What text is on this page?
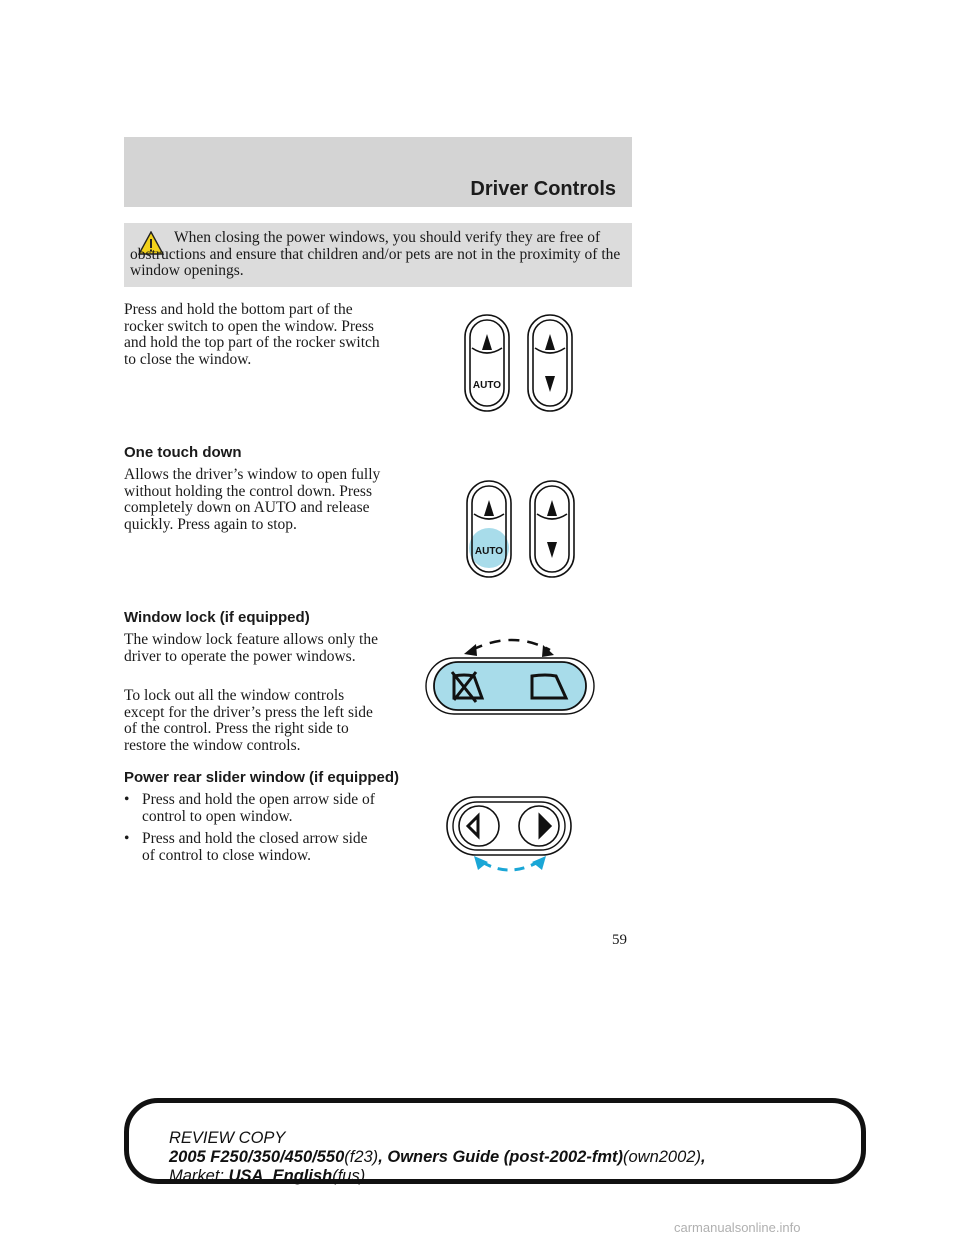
Driver Controls
When closing the power windows, you should verify they are free of obstructions and ensure that children and/or pets are not in the proximity of the window openings.

Press and hold the bottom part of the rocker switch to open the window. Press and hold the top part of the rocker switch to close the window.

AUTO

One touch down

Allows the driver’s window to open fully without holding the control down. Press completely down on AUTO and release quickly. Press again to stop.

AUTO

Window lock (if equipped)

The window lock feature allows only the driver to operate the power windows.

To lock out all the window controls except for the driver’s press the left side of the control. Press the right side to restore the window controls.

Power rear slider window (if equipped)

• Press and hold the open arrow side of control to open window.
• Press and hold the closed arrow side of control to close window.
59
REVIEW COPY
2005 F250/350/450/550(f23), Owners Guide (post-2002-fmt)(own2002),
Market: USA_English(fus)
carmanualsonline.info
